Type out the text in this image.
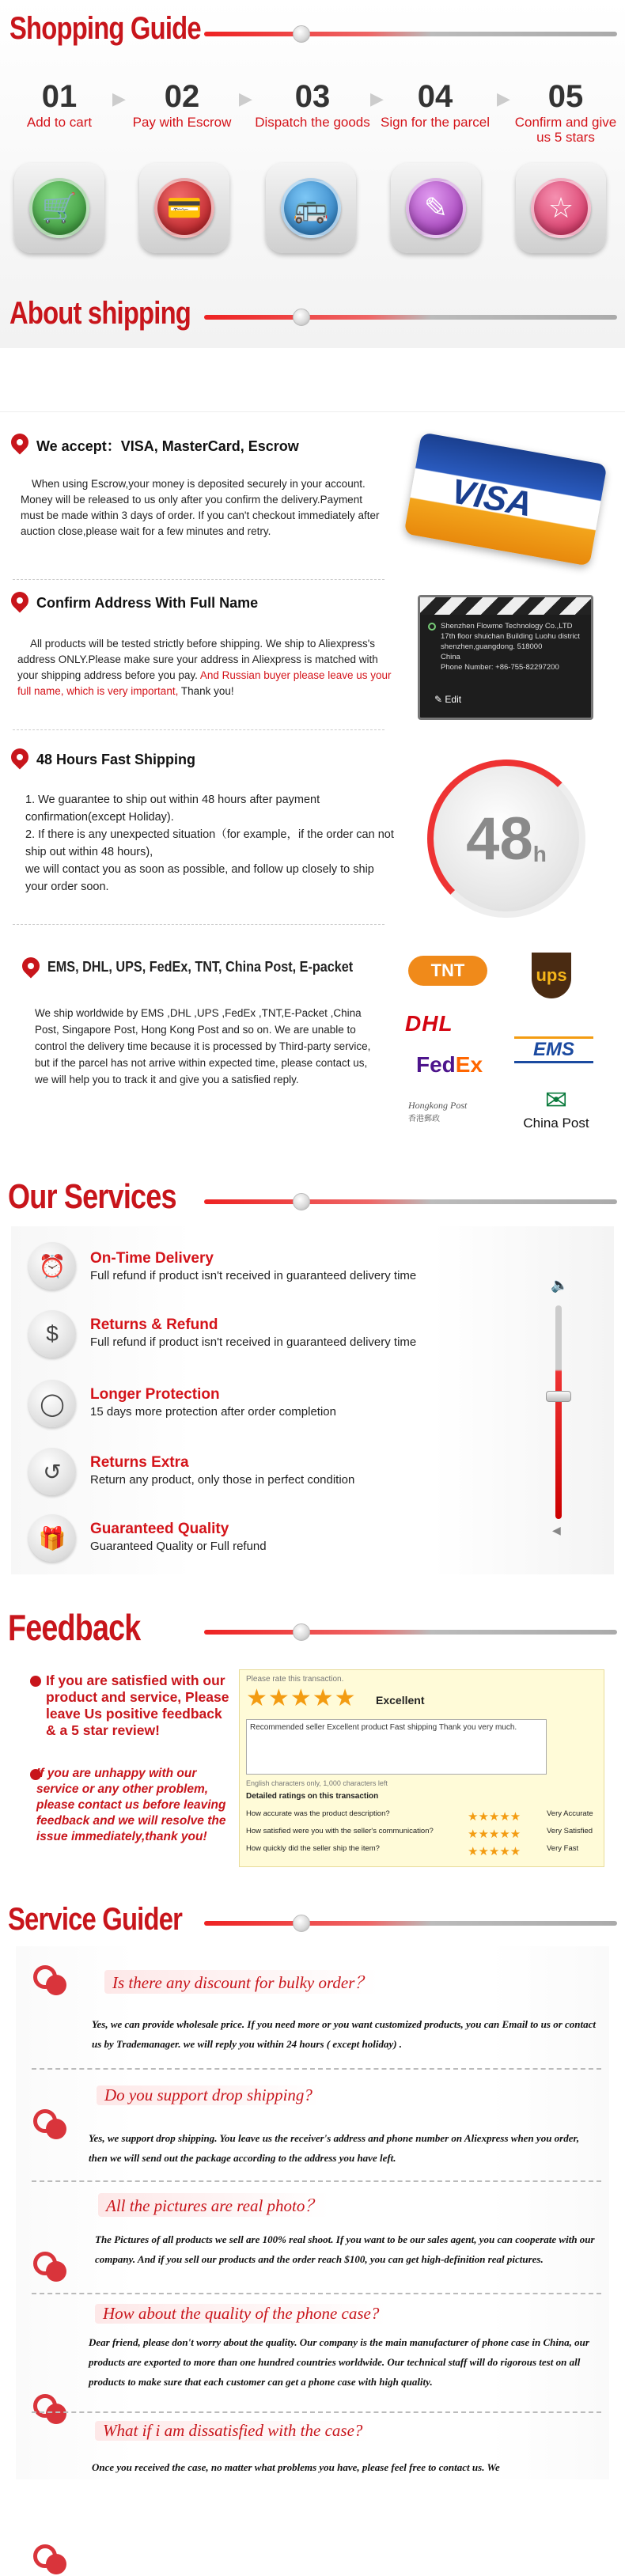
Shopping Guide
01
Add to cart
02
Pay with Escrow
03
Dispatch the goods
04
Sign for the parcel
05
Confirm and give us 5 stars
▶	▶	▶	▶
🛒	💳	🚌	✎	☆
About shipping
We accept：VISA, MasterCard, Escrow
When using Escrow,your money is deposited securely in your account. Money will be released to us only after you confirm the delivery.Payment must be made within 3 days of order. If you can't checkout immediately after auction close,please wait for a few minutes and retry.
VISA
Confirm Address With Full Name
All products will be tested strictly before shipping. We ship to Aliexpress's address ONLY.Please make sure your address in Aliexpress is matched with your shipping address before you pay. And Russian buyer please leave us your full name, which is very important, Thank you!
Shenzhen Flowme Technology Co.,LTD
17th floor shuichan Building Luohu district shenzhen,guangdong. 518000
China
Phone Number: +86-755-82297200
✎ Edit
48 Hours Fast Shipping
1. We guarantee to ship out within 48 hours after payment confirmation(except Holiday).
2. If there is any unexpected situation（for example，if the order can not ship out within 48 hours),
we will contact you as soon as possible, and follow up closely to ship your order soon.
48 h
EMS, DHL, UPS, FedEx, TNT, China Post, E-packet
We ship worldwide by EMS ,DHL ,UPS ,FedEx ,TNT,E-Packet ,China Post, Singapore Post, Hong Kong Post and so on. We are unable to control the delivery time because it is processed by Third-party service, but if the parcel has not arrive within expected time, please contact us, we will help you to track it and give you a satisfied reply.
TNT	ups
DHL
EMS
FedEx
Hongkong Post
香港郵政
✉
China Post
Our Services
⏰	On-Time Delivery
Full refund if product isn't received in guaranteed delivery time
$	Returns & Refund
Full refund if product isn't received in guaranteed delivery time
◯	Longer Protection
15 days more protection after order completion
↺	Returns Extra
Return any product, only those in perfect condition
🎁	Guaranteed Quality
Guaranteed Quality or Full refund
🔈
◀
Feedback
If you are satisfied with our product and service, Please leave Us positive feedback & a 5 star review!
If you are unhappy with our service or any other problem, please contact us before leaving feedback and we will resolve the issue immediately,thank you!
Please rate this transaction.
★★★★★ Excellent
Recommended seller Excellent product Fast shipping Thank you very much.
English characters only, 1,000 characters left
Detailed ratings on this transaction
How accurate was the product description?	★★★★★	Very Accurate
How satisfied were you with the seller's communication?	★★★★★	Very Satisfied
How quickly did the seller ship the item?	★★★★★	Very Fast
Service Guider
Is there any discount for bulky order？
Yes, we can provide wholesale price. If you need more or you want customized products, you can Email to us or contact us by Trademanager. we will reply you within 24 hours ( except holiday) .
Do you support drop shipping?
Yes, we support drop shipping. You leave us the receiver's address and phone number on Aliexpress when you order, then we will send out the package according to the address you have left.
All the pictures are real photo？
The Pictures of all products we sell are 100% real shoot. If you want to be our sales agent, you can cooperate with our company. And if you sell our products and the order reach $100, you can get high-definition real pictures.
How about the quality of the phone case?
Dear friend, please don't worry about the quality. Our company is the main manufacturer of phone case in China, our products are exported to more than one hundred countries worldwide. Our technical staff will do rigorous test on all products to make sure that each customer can get a phone case with high quality.
What if i am dissatisfied with the case?
Once you received the case, no matter what problems you have, please feel free to contact us. We
